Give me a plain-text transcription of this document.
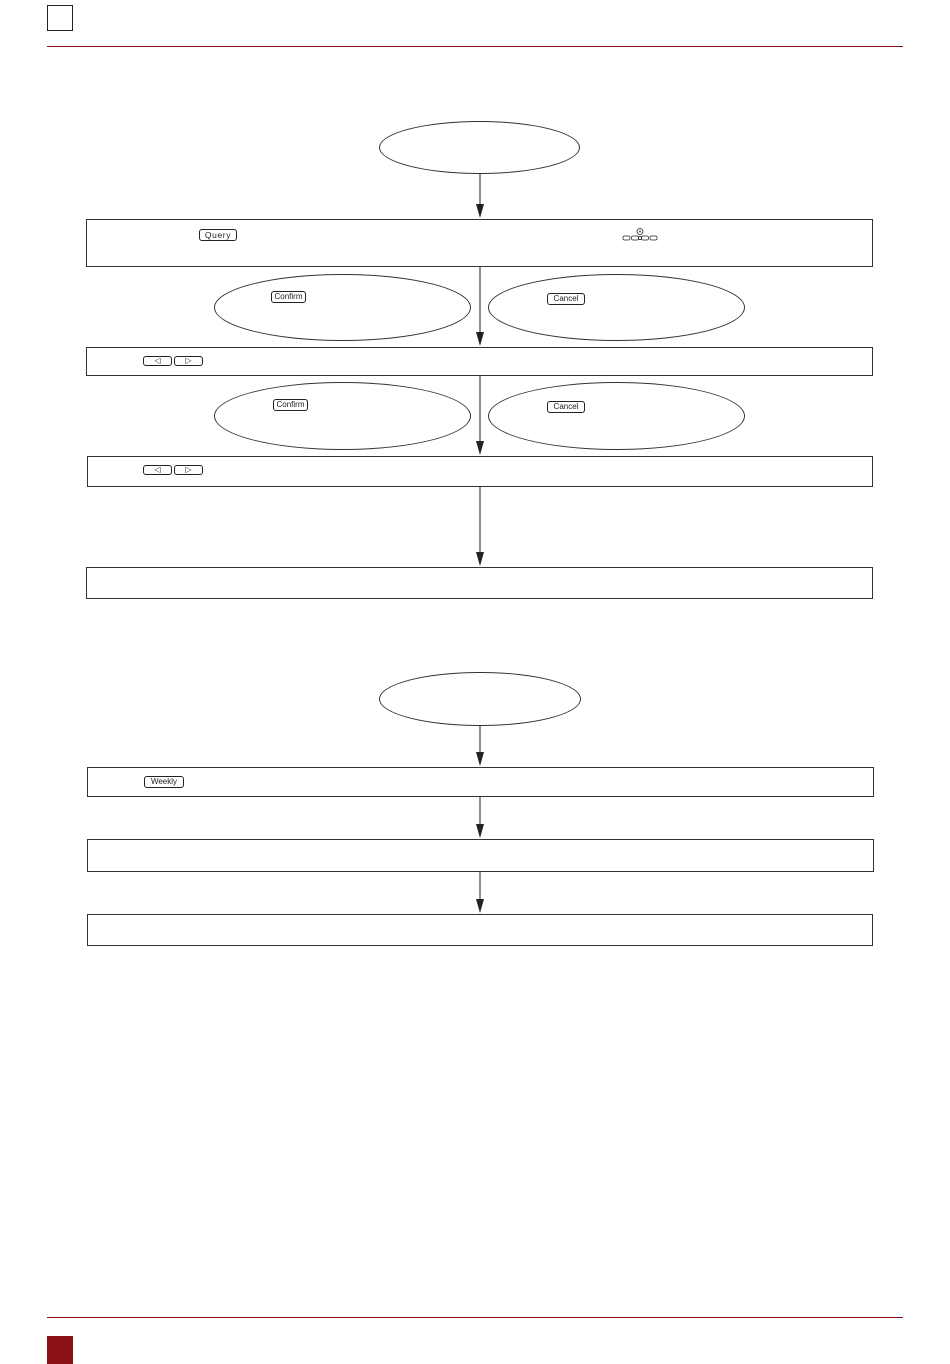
Query
Confirm	Cancel
◁	▷
Confirm	Cancel
◁	▷
Weekly
